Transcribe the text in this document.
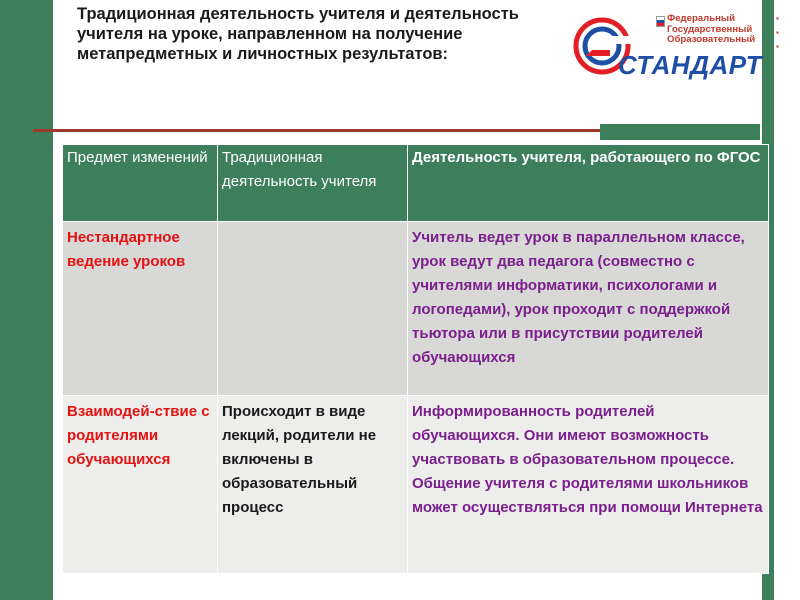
Традиционная деятельность учителя и деятельность учителя на уроке, направленном на получение метапредметных и личностных результатов:
Федеральный
Государственный
Образовательный
СТАНДАРТ
▪
▪
▪
Предмет изменений	Традиционная деятельность учителя	Деятельность учителя, работающего по ФГОС
Нестандартное ведение уроков		Учитель ведет урок в параллельном классе, урок ведут два педагога (совместно с учителями информатики, психологами и логопедами), урок проходит с поддержкой тьютора или в присутствии родителей обучающихся
Взаимодей-ствие с родителями обучающихся	Происходит в виде лекций, родители не включены в образовательный процесс	Информированность родителей обучающихся. Они имеют возможность участвовать в образовательном процессе. Общение учителя с родителями школьников может осуществляться при помощи Интернета
